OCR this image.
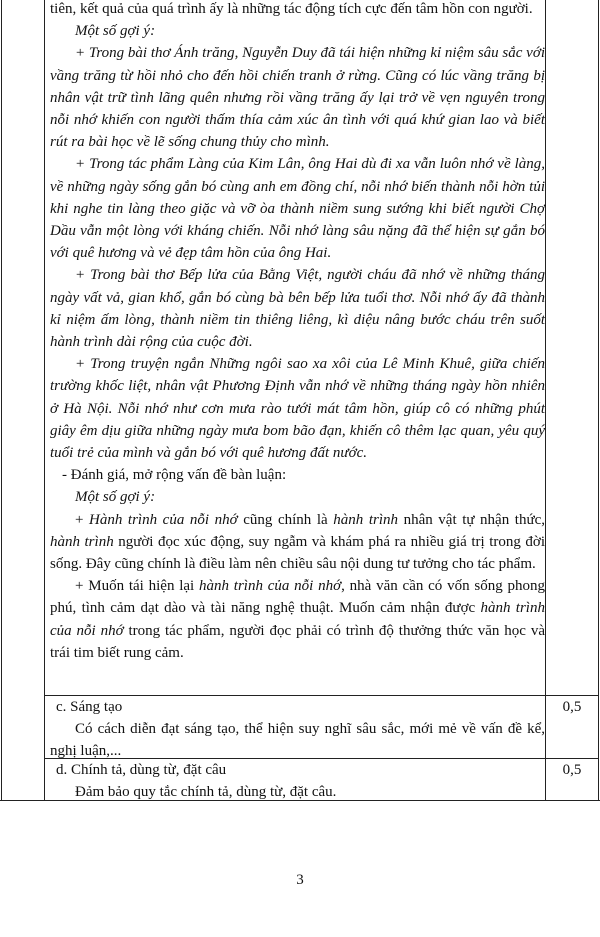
tiên, kết quả của quá trình ấy là những tác động tích cực đến tâm hồn con người.

Một số gợi ý:

+ Trong bài thơ Ánh trăng, Nguyễn Duy đã tái hiện những kỉ niệm sâu sắc với vầng trăng từ hồi nhỏ cho đến hồi chiến tranh ở rừng. Cũng có lúc vầng trăng bị nhân vật trữ tình lãng quên nhưng rồi vầng trăng ấy lại trở về vẹn nguyên trong nỗi nhớ khiến con người thấm thía cảm xúc ân tình với quá khứ gian lao và biết rút ra bài học về lẽ sống chung thủy cho mình.

+ Trong tác phẩm Làng của Kim Lân, ông Hai dù đi xa vẫn luôn nhớ về làng, về những ngày sống gắn bó cùng anh em đồng chí, nỗi nhớ biến thành nỗi hờn tủi khi nghe tin làng theo giặc và vỡ òa thành niềm sung sướng khi biết người Chợ Dầu vẫn một lòng với kháng chiến. Nỗi nhớ làng sâu nặng đã thể hiện sự gắn bó với quê hương và vẻ đẹp tâm hồn của ông Hai.

+ Trong bài thơ Bếp lửa của Bằng Việt, người cháu đã nhớ về những tháng ngày vất vả, gian khổ, gắn bó cùng bà bên bếp lửa tuổi thơ. Nỗi nhớ ấy đã thành kỉ niệm ấm lòng, thành niềm tin thiêng liêng, kì diệu nâng bước cháu trên suốt hành trình dài rộng của cuộc đời.

+ Trong truyện ngắn Những ngôi sao xa xôi của Lê Minh Khuê, giữa chiến trường khốc liệt, nhân vật Phương Định vẫn nhớ về những tháng ngày hồn nhiên ở Hà Nội. Nỗi nhớ như cơn mưa rào tưới mát tâm hồn, giúp cô có những phút giây êm dịu giữa những ngày mưa bom bão đạn, khiến cô thêm lạc quan, yêu quý tuổi trẻ của mình và gắn bó với quê hương đất nước.

- Đánh giá, mở rộng vấn đề bàn luận:

Một số gợi ý:

+ Hành trình của nỗi nhớ cũng chính là hành trình nhân vật tự nhận thức, hành trình người đọc xúc động, suy ngẫm và khám phá ra nhiều giá trị trong đời sống. Đây cũng chính là điều làm nên chiều sâu nội dung tư tưởng cho tác phẩm.

+ Muốn tái hiện lại hành trình của nỗi nhớ, nhà văn cần có vốn sống phong phú, tình cảm dạt dào và tài năng nghệ thuật. Muốn cảm nhận được hành trình của nỗi nhớ trong tác phẩm, người đọc phải có trình độ thưởng thức văn học và trái tim biết rung cảm.

c. Sáng tạo

Có cách diễn đạt sáng tạo, thể hiện suy nghĩ sâu sắc, mới mẻ về vấn đề kể, nghị luận,...

0,5

d. Chính tả, dùng từ, đặt câu

Đảm bảo quy tắc chính tả, dùng từ, đặt câu.

0,5
3
